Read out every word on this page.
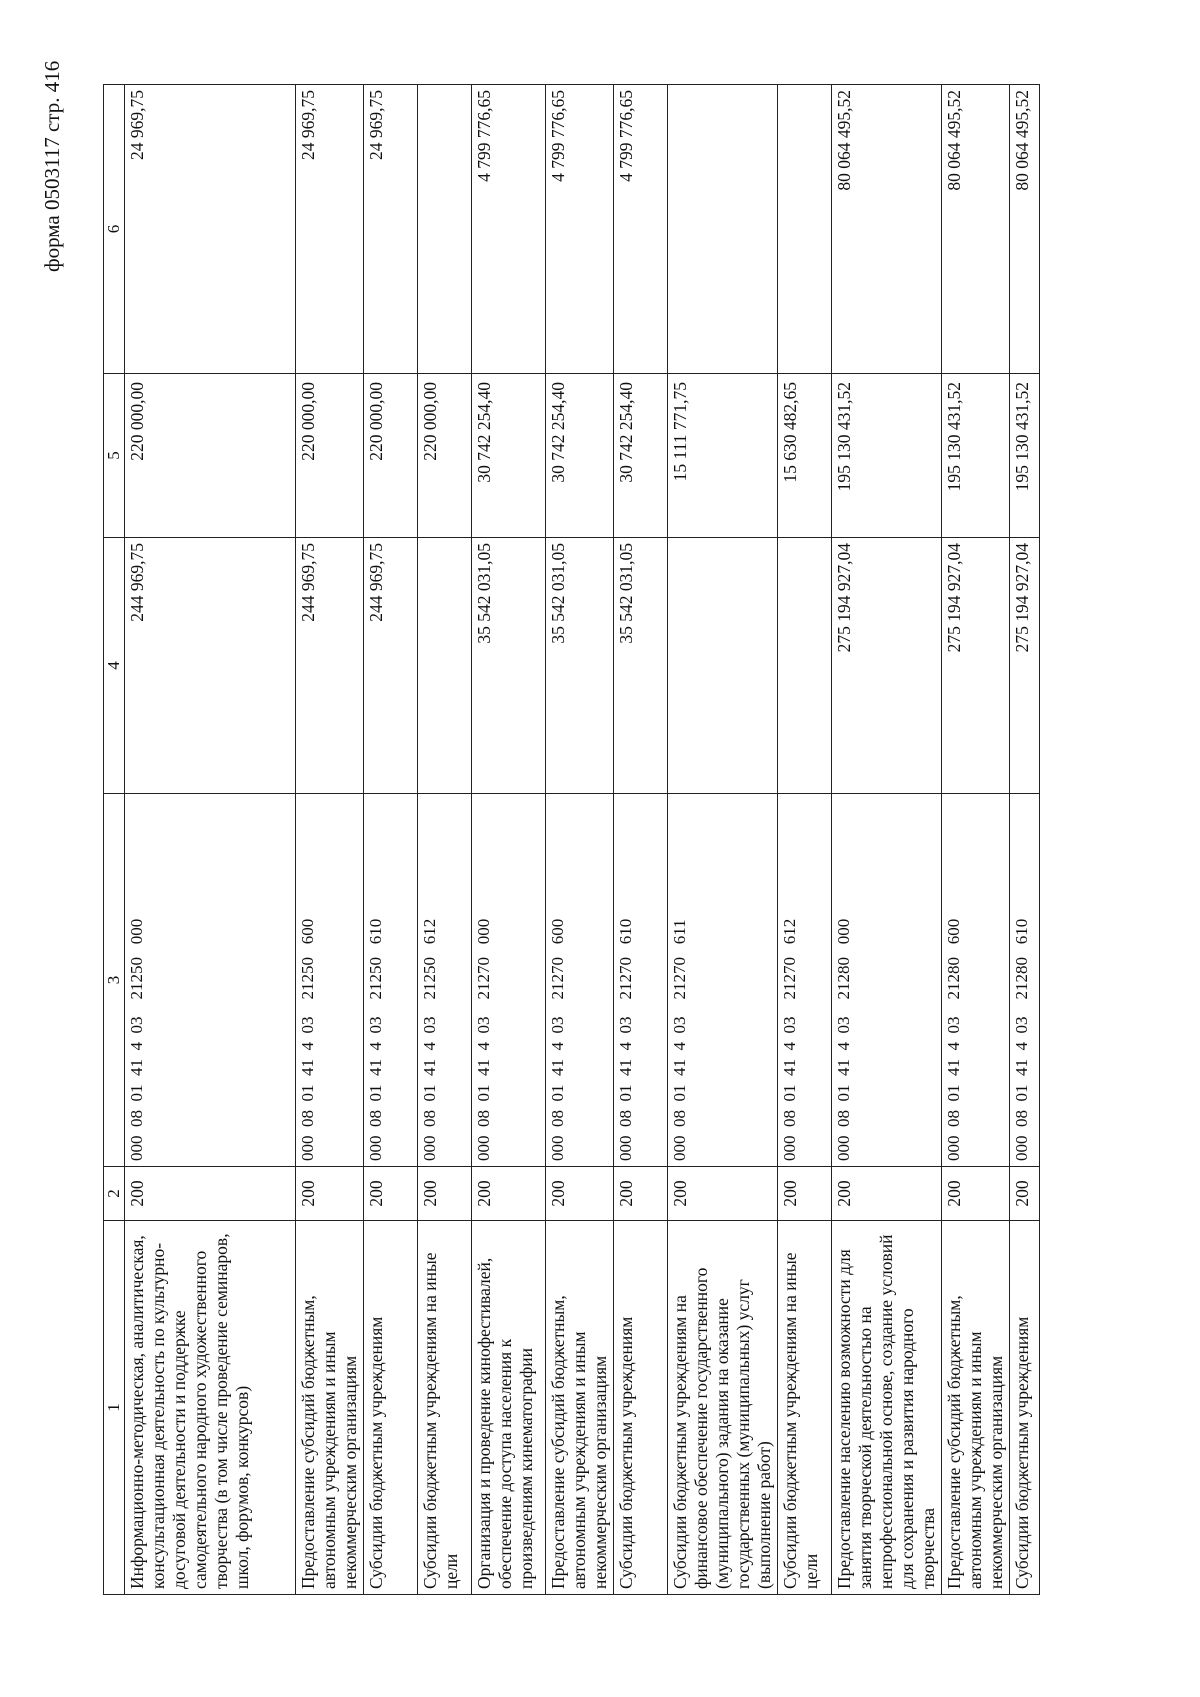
форма 0503117 стр. 416
1	2	3	4	5	6
Информационно-методическая, аналитическая, консультационная деятельность по культурно-досуговой деятельности и поддержке самодеятельного народного художественного творчества (в том числе проведение семинаров, школ, форумов, конкурсов)	200	000  08  01  41  4  03    21250   000	244 969,75	220 000,00	24 969,75
Предоставление субсидий бюджетным, автономным учреждениям и иным некоммерческим организациям	200	000  08  01  41  4  03    21250   600	244 969,75	220 000,00	24 969,75
Субсидии бюджетным учреждениям	200	000  08  01  41  4  03    21250   610	244 969,75	220 000,00	24 969,75
Субсидии бюджетным учреждениям на иные цели	200	000  08  01  41  4  03    21250   612		220 000,00	
Организация и проведение кинофестивалей, обеспечение доступа населения к произведениям кинематографии	200	000  08  01  41  4  03    21270   000	35 542 031,05	30 742 254,40	4 799 776,65
Предоставление субсидий бюджетным, автономным учреждениям и иным некоммерческим организациям	200	000  08  01  41  4  03    21270   600	35 542 031,05	30 742 254,40	4 799 776,65
Субсидии бюджетным учреждениям	200	000  08  01  41  4  03    21270   610	35 542 031,05	30 742 254,40	4 799 776,65
Субсидии бюджетным учреждениям на финансовое обеспечение государственного (муниципального) задания на оказание государственных (муниципальных) услуг (выполнение работ)	200	000  08  01  41  4  03    21270   611		15 111 771,75	
Субсидии бюджетным учреждениям на иные цели	200	000  08  01  41  4  03    21270   612		15 630 482,65	
Предоставление населению возможности для занятия творческой деятельностью на непрофессиональной основе, создание условий для сохранения и развития народного творчества	200	000  08  01  41  4  03    21280   000	275 194 927,04	195 130 431,52	80 064 495,52
Предоставление субсидий бюджетным, автономным учреждениям и иным некоммерческим организациям	200	000  08  01  41  4  03    21280   600	275 194 927,04	195 130 431,52	80 064 495,52
Субсидии бюджетным учреждениям	200	000  08  01  41  4  03    21280   610	275 194 927,04	195 130 431,52	80 064 495,52
